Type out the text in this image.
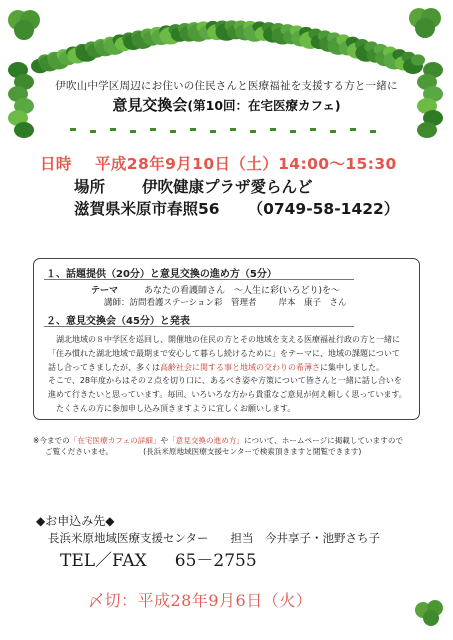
伊吹山中学区周辺にお住いの住民さんと医療福祉を支援する方と一緒に
意見交換会(第10回：在宅医療カフェ)
日時 平成28年9月10日（土）14:00～15:30
場所 伊吹健康プラザ愛らんど
滋賀県米原市春照56 （0749-58-1422）
１、話題提供（20分）と意見交換の進め方（5分）
テーマ	あなたの看護師さん　～人生に彩(いろどり)を～
講師：訪問看護ステーション彩　管理者	岸本　康子　さん
２、意見交換会（45分）と発表

湖北地域の８中学区を巡回し、開催地の住民の方とその地域を支える医療福祉行政の方と一緒に

「住み慣れた湖北地域で最期まで安心して暮らし続けるために」をテーマに、地域の課題について

話し合ってきましたが、多くは高齢社会に関する事と地域の交わりの希薄さに集中しました。

そこで、28年度からはその２点を切り口に、あるべき姿や方策について皆さんと一緒に話し合いを

進めて行きたいと思っています。毎回、いろいろな方から貴重なご意見が何え頼しく思っています。

たくさんの方に参加申し込み頂きますように宜しくお願いします。

※今までの「在宅医療カフェの詳細」や「意見交換の進め方」について、ホームページに掲載していますので
ご覧くださいませ。	(長浜米原地域医療支援センターで検索頂きますと閲覧できます)
◆お申込み先◆
長浜米原地域医療支援センター 担当　今井享子・池野さち子
TEL／FAX 65－2755
〆切：平成28年9月6日（火）
